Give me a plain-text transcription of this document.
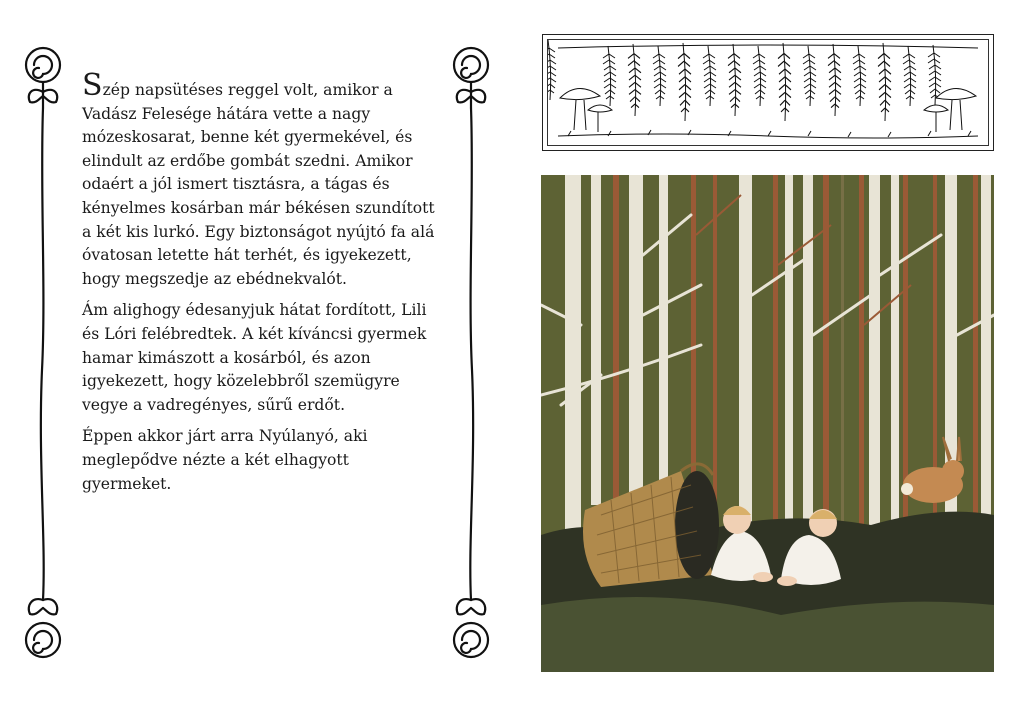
Szép napsütéses reggel volt, amikor a Vadász Felesége hátára vette a nagy mózeskosarat, benne két gyermekével, és elindult az erdőbe gombát szedni. Amikor odaért a jól ismert tisztásra, a tágas és kényelmes kosárban már békésen szundított a két kis lurkó. Egy biztonságot nyújtó fa alá óvatosan letette hát terhét, és igyekezett, hogy megszedje az ebédnekvalót.

Ám alighogy édesanyjuk hátat fordított, Lili és Lóri felébredtek. A két kíváncsi gyermek hamar kimászott a kosárból, és azon igyekezett, hogy közelebbről szemügyre vegye a vadregényes, sűrű erdőt.

Éppen akkor járt arra Nyúlanyó, aki meglepődve nézte a két elhagyott gyermeket.
